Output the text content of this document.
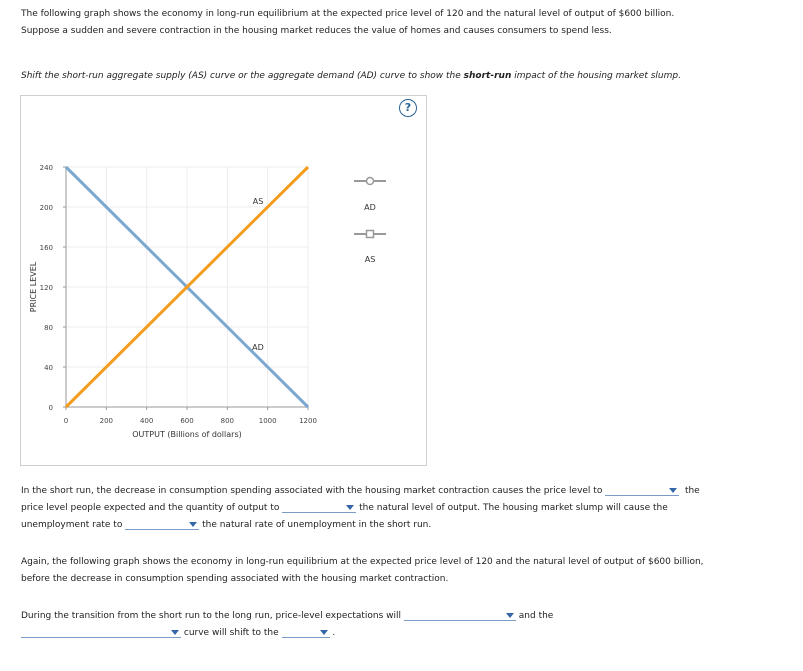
The following graph shows the economy in long-run equilibrium at the expected price level of 120 and the natural level of output of $600 billion.
Suppose a sudden and severe contraction in the housing market reduces the value of homes and causes consumers to spend less.
Shift the short-run aggregate supply (AS) curve or the aggregate demand (AD) curve to show the short-run impact of the housing market slump.
?
0
40
80
120
160
200
240
0	200	400	600	800	1000	1200
PRICE LEVEL
OUTPUT (Billions of dollars)
AS
AD
AD
AS
In the short run, the decrease in consumption spending associated with the housing market contraction causes the price level to	the
price level people expected and the quantity of output to	the natural level of output. The housing market slump will cause the
unemployment rate to	the natural rate of unemployment in the short run.
Again, the following graph shows the economy in long-run equilibrium at the expected price level of 120 and the natural level of output of $600 billion,
before the decrease in consumption spending associated with the housing market contraction.
During the transition from the short run to the long run, price-level expectations will	and the
curve will shift to the	.
